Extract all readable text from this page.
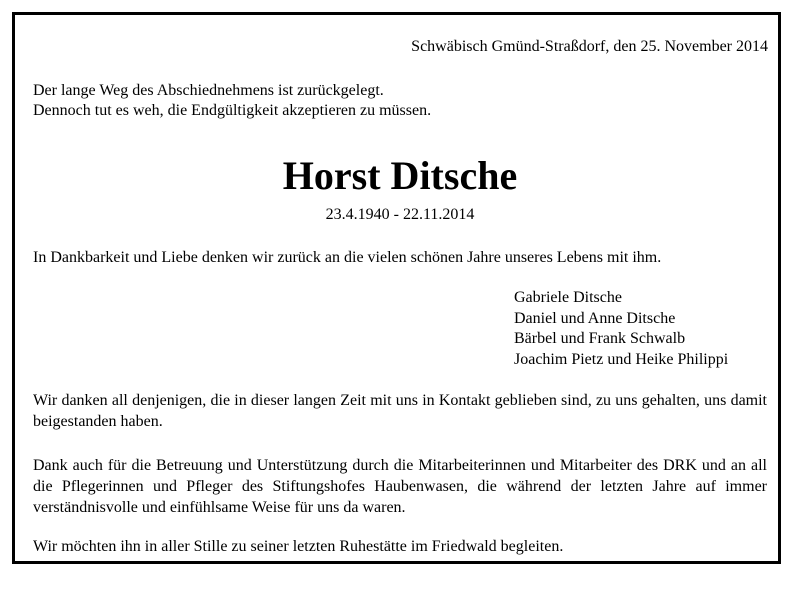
Schwäbisch Gmünd-Straßdorf, den 25. November 2014
Der lange Weg des Abschiednehmens ist zurückgelegt.
Dennoch tut es weh, die Endgültigkeit akzeptieren zu müssen.
Horst Ditsche
23.4.1940 - 22.11.2014
In Dankbarkeit und Liebe denken wir zurück an die vielen schönen Jahre unseres Lebens mit ihm.
Gabriele Ditsche
Daniel und Anne Ditsche
Bärbel und Frank Schwalb
Joachim Pietz und Heike Philippi
Wir danken all denjenigen, die in dieser langen Zeit mit uns in Kontakt geblieben sind, zu uns gehalten, uns damit beigestanden haben.
Dank auch für die Betreuung und Unterstützung durch die Mitarbeiterinnen und Mitarbeiter des DRK und an all die Pflegerinnen und Pfleger des Stiftungshofes Haubenwasen, die während der letzten Jahre auf immer verständnisvolle und einfühlsame Weise für uns da waren.
Wir möchten ihn in aller Stille zu seiner letzten Ruhestätte im Friedwald begleiten.
